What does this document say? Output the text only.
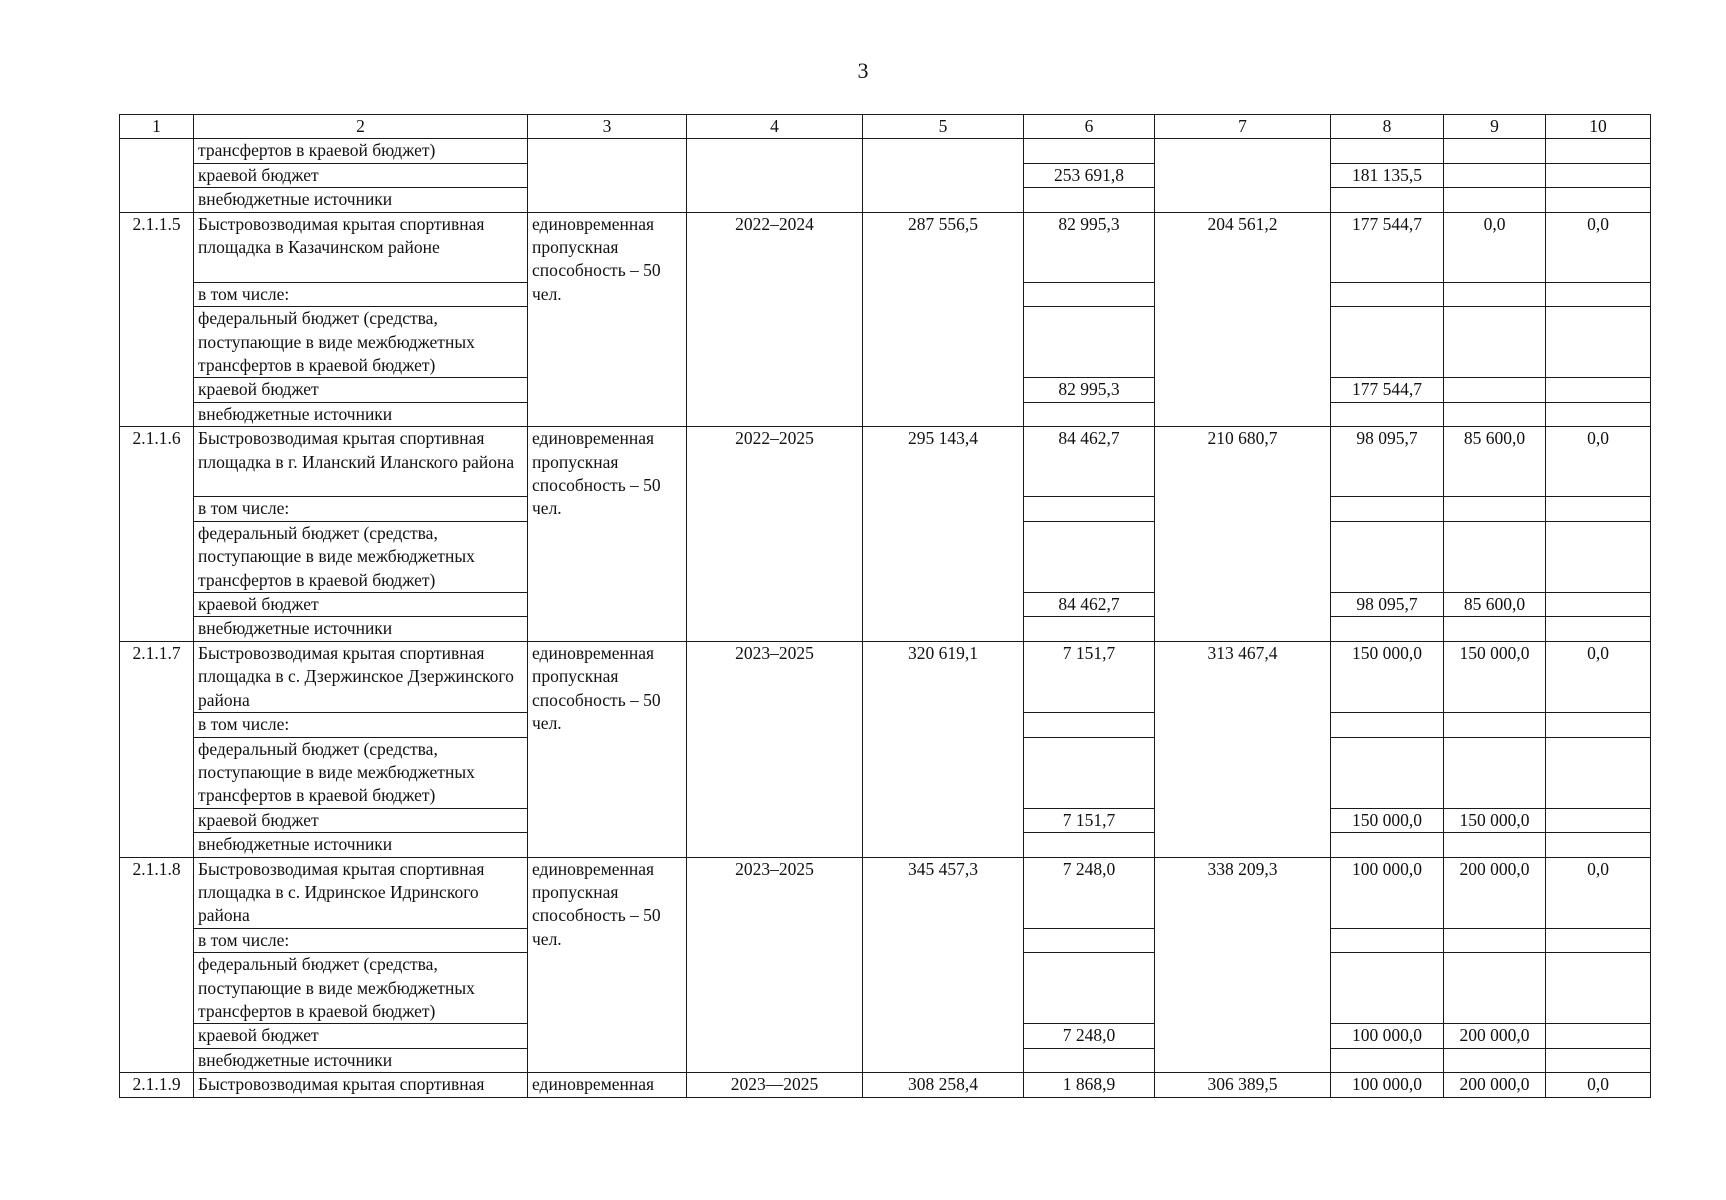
3
1	2	3	4	5	6	7	8	9	10
	трансфертов в краевой бюджет)								
	краевой бюджет				253 691,8		181 135,5		
	внебюджетные источники								
2.1.1.5	Быстровозводимая крытая спортивная площадка в Казачинском районе	единовременная пропускная способность – 50 чел.	2022–2024	287 556,5	82 995,3	204 561,2	177 544,7	0,0	0,0
	в том числе:								
	федеральный бюджет (средства, поступающие в виде межбюджетных трансфертов в краевой бюджет)								
	краевой бюджет				82 995,3		177 544,7		
	внебюджетные источники								
2.1.1.6	Быстровозводимая крытая спортивная площадка в г. Иланский Иланского района	единовременная пропускная способность – 50 чел.	2022–2025	295 143,4	84 462,7	210 680,7	98 095,7	85 600,0	0,0
	в том числе:								
	федеральный бюджет (средства, поступающие в виде межбюджетных трансфертов в краевой бюджет)								
	краевой бюджет				84 462,7		98 095,7	85 600,0	
	внебюджетные источники								
2.1.1.7	Быстровозводимая крытая спортивная площадка в с. Дзержинское Дзержинского района	единовременная пропускная способность – 50 чел.	2023–2025	320 619,1	7 151,7	313 467,4	150 000,0	150 000,0	0,0
	в том числе:								
	федеральный бюджет (средства, поступающие в виде межбюджетных трансфертов в краевой бюджет)								
	краевой бюджет				7 151,7		150 000,0	150 000,0	
	внебюджетные источники								
2.1.1.8	Быстровозводимая крытая спортивная площадка в с. Идринское Идринского района	единовременная пропускная способность – 50 чел.	2023–2025	345 457,3	7 248,0	338 209,3	100 000,0	200 000,0	0,0
	в том числе:								
	федеральный бюджет (средства, поступающие в виде межбюджетных трансфертов в краевой бюджет)								
	краевой бюджет				7 248,0		100 000,0	200 000,0	
	внебюджетные источники								
2.1.1.9	Быстровозводимая крытая спортивная	единовременная	2023––2025	308 258,4	1 868,9	306 389,5	100 000,0	200 000,0	0,0
